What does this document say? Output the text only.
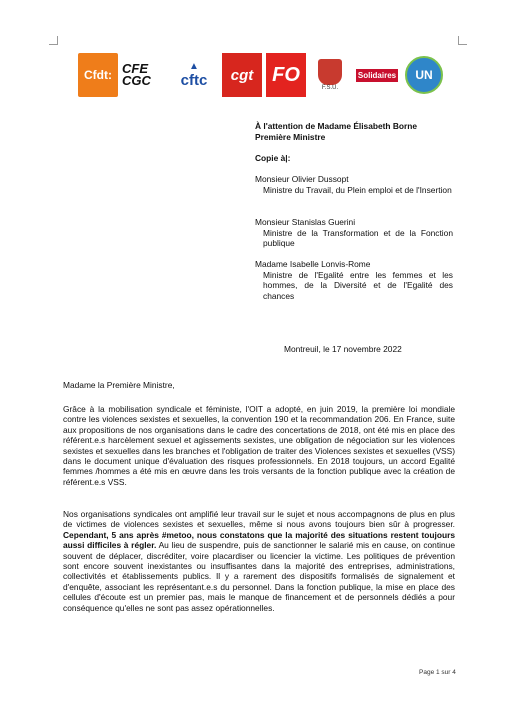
Cfdt: CFE CGC
▲
cftc cgt FO
F.S.U.
Solidaires UN
À l'attention de Madame Élisabeth Borne
Première Ministre
Copie à|:
Monsieur Olivier Dussopt
Ministre du Travail, du Plein emploi et de l'Insertion
Monsieur Stanislas Guerini
Ministre de la Transformation et de la Fonction publique
Madame Isabelle Lonvis-Rome
Ministre de l'Egalité entre les femmes et les hommes, de la Diversité et de l'Egalité des chances
Montreuil, le 17 novembre 2022
Madame la Première Ministre,
Grâce à la mobilisation syndicale et féministe, l'OIT a adopté, en juin 2019, la première loi mondiale contre les violences sexistes et sexuelles, la convention 190 et la recommandation 206. En France, suite aux propositions de nos organisations dans le cadre des concertations de 2018, ont été mis en place des référent.e.s harcèlement sexuel et agissements sexistes, une obligation de négociation sur les violences sexistes et sexuelles dans les branches et l'obligation de traiter des Violences sexistes et sexuelles (VSS) dans le document unique d'évaluation des risques professionnels. En 2018 toujours, un accord Egalité femmes /hommes a été mis en œuvre dans les trois versants de la fonction publique avec la création de référent.e.s VSS.
Nos organisations syndicales ont amplifié leur travail sur le sujet et nous accompagnons de plus en plus de victimes de violences sexistes et sexuelles, même si nous avons toujours bien sûr à progresser. Cependant, 5 ans après #metoo, nous constatons que la majorité des situations restent toujours aussi difficiles à régler. Au lieu de suspendre, puis de sanctionner le salarié mis en cause, on continue souvent de déplacer, discréditer, voire placardiser ou licencier la victime. Les politiques de prévention sont encore souvent inexistantes ou insuffisantes dans la majorité des entreprises, administrations, collectivités et établissements publics. Il y a rarement des dispositifs formalisés de signalement et d'enquête, associant les représentant.e.s du personnel. Dans la fonction publique, la mise en place des cellules d'écoute est un premier pas, mais le manque de financement et de personnels dédiés a pour conséquence qu'elles ne sont pas assez opérationnelles.
Page 1 sur 4
